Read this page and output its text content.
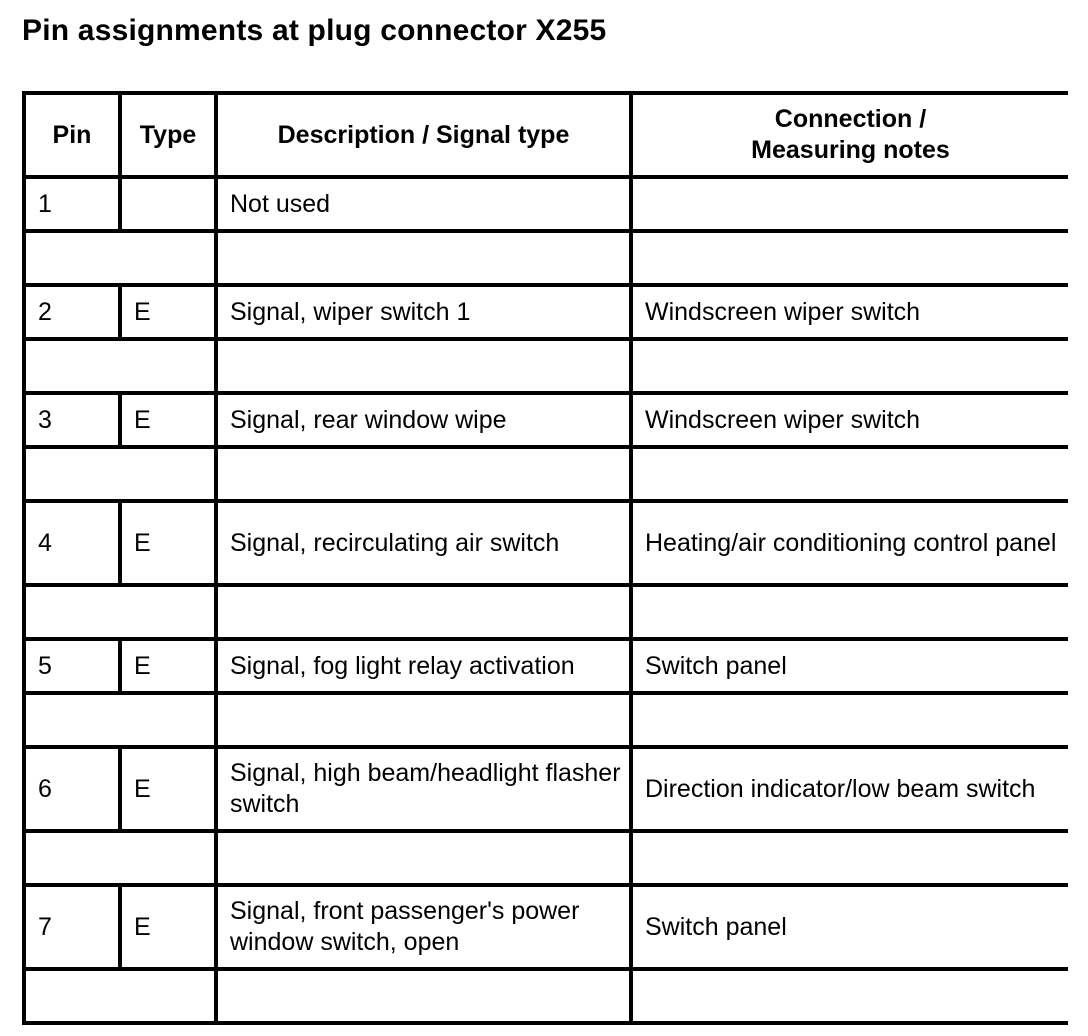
Pin assignments at plug connector X255
Pin	Type	Description / Signal type	Connection /
Measuring notes

1		Not used	

2	E	Signal, wiper switch 1	Windscreen wiper switch

3	E	Signal, rear window wipe	Windscreen wiper switch

4	E	Signal, recirculating air switch	Heating/air conditioning control panel

5	E	Signal, fog light relay activation	Switch panel

6	E	Signal, high beam/headlight flasher switch	Direction indicator/low beam switch

7	E	Signal, front passenger's power window switch, open	Switch panel
